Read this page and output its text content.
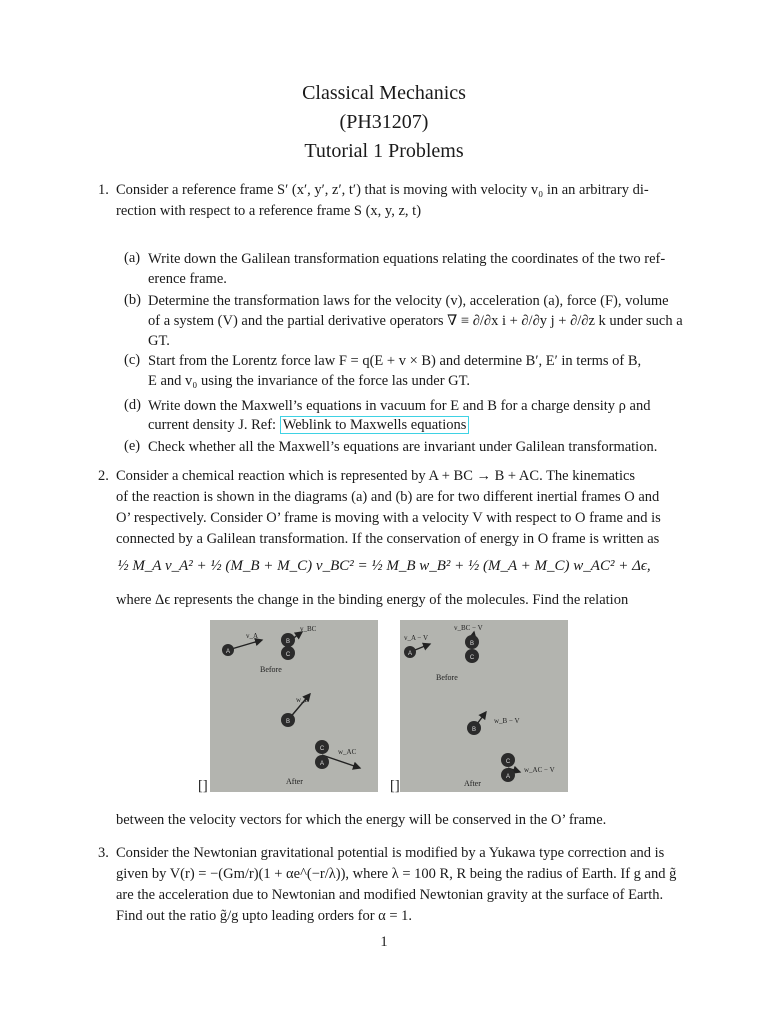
Classical Mechanics
(PH31207)
Tutorial 1 Problems
1. Consider a reference frame S′ (x′, y′, z′, t′) that is moving with velocity v₀ in an arbitrary di-
rection with respect to a reference frame S (x, y, z, t)
(a) Write down the Galilean transformation equations relating the coordinates of the two ref-
erence frame.
(b) Determine the transformation laws for the velocity (v), acceleration (a), force (F), volume
of a system (V) and the partial derivative operators ∇ ≡ ∂/∂x i + ∂/∂y j + ∂/∂z k under such a
GT.
(c) Start from the Lorentz force law F = q(E + v × B) and determine B′, E′ in terms of B,
E and v₀ using the invariance of the force las under GT.
(d) Write down the Maxwell’s equations in vacuum for E and B for a charge density ρ and
current density J. Ref: Weblink to Maxwells equations
(e) Check whether all the Maxwell’s equations are invariant under Galilean transformation.
2. Consider a chemical reaction which is represented by A + BC → B + AC. The kinematics
of the reaction is shown in the diagrams (a) and (b) are for two different inertial frames O and
O’ respectively. Consider O’ frame is moving with a velocity V with respect to O frame and is
connected by a Galilean transformation. If the conservation of energy in O frame is written as
½ M_A v_A² + ½ (M_B + M_C) v_BC² = ½ M_B w_B² + ½ (M_A + M_C) w_AC² + Δϵ,
where Δϵ represents the change in the binding energy of the molecules. Find the relation
[]
A
B
C
B
C
A
v_A
v_BC
w_B
w_AC
Before
After	[]
A
B
C
B
C
A
v_A − V
v_BC − V
w_B − V
w_AC − V
Before
After
between the velocity vectors for which the energy will be conserved in the O’ frame.
3. Consider the Newtonian gravitational potential is modified by a Yukawa type correction and is
given by V(r) = −(Gm/r)(1 + αe^(−r/λ)), where λ = 100 R, R being the radius of Earth. If g and g̃
are the acceleration due to Newtonian and modified Newtonian gravity at the surface of Earth.
Find out the ratio g̃/g upto leading orders for α = 1.
1
